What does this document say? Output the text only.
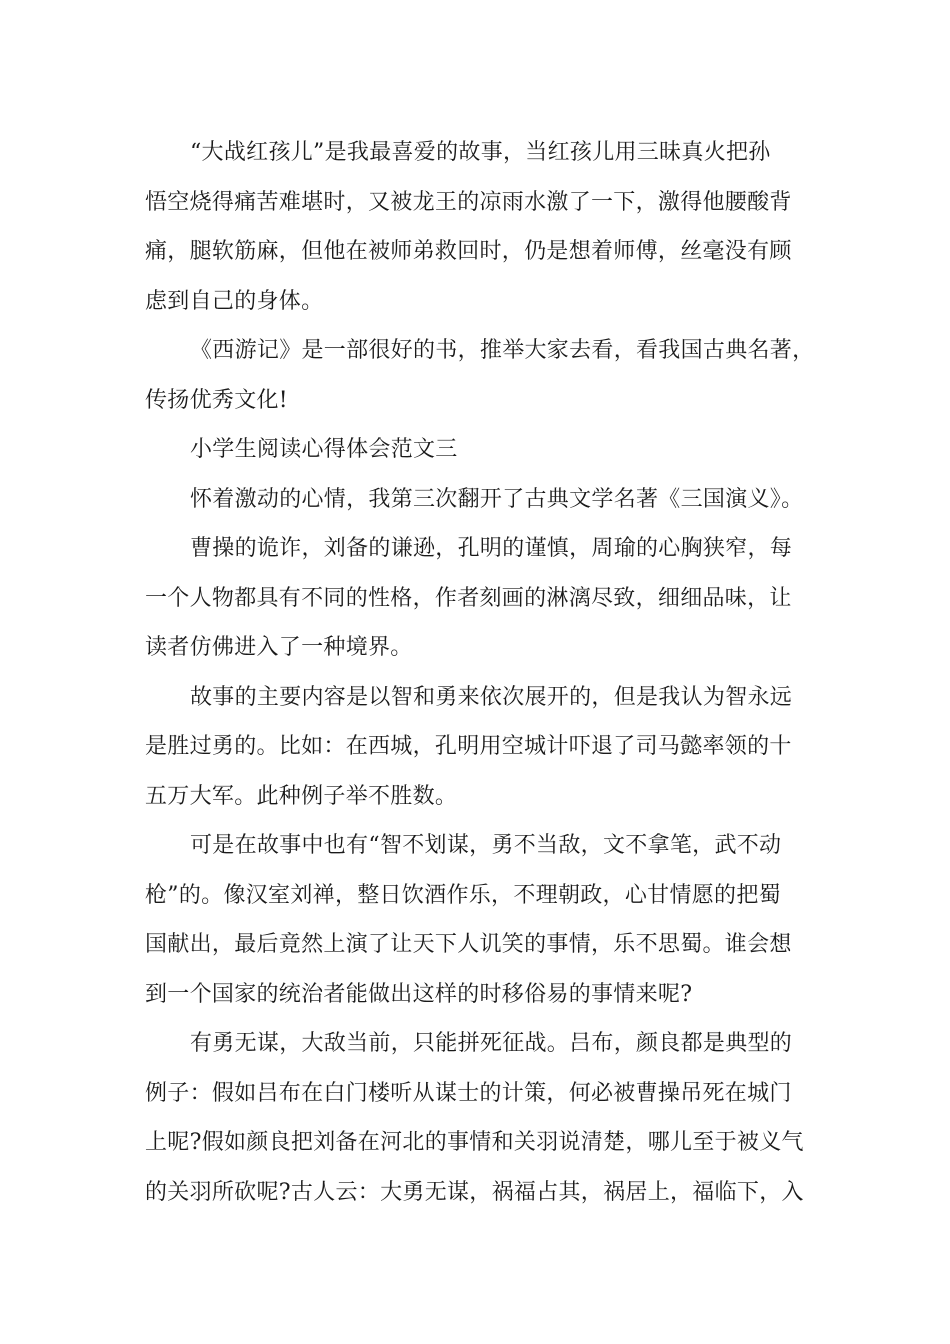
“大战红孩儿”是我最喜爱的故事，当红孩儿用三昧真火把孙
悟空烧得痛苦难堪时，又被龙王的凉雨水激了一下，激得他腰酸背
痛，腿软筋麻，但他在被师弟救回时，仍是想着师傅，丝毫没有顾
虑到自己的身体。
《西游记》是一部很好的书，推举大家去看，看我国古典名著，
传扬优秀文化!
小学生阅读心得体会范文三
怀着激动的心情，我第三次翻开了古典文学名著《三国演义》。
曹操的诡诈，刘备的谦逊，孔明的谨慎，周瑜的心胸狭窄，每
一个人物都具有不同的性格，作者刻画的淋漓尽致，细细品味，让
读者仿佛进入了一种境界。
故事的主要内容是以智和勇来依次展开的，但是我认为智永远
是胜过勇的。比如：在西城，孔明用空城计吓退了司马懿率领的十
五万大军。此种例子举不胜数。
可是在故事中也有“智不划谋，勇不当敌，文不拿笔，武不动
枪”的。像汉室刘禅，整日饮酒作乐，不理朝政，心甘情愿的把蜀
国献出，最后竟然上演了让天下人讥笑的事情，乐不思蜀。谁会想
到一个国家的统治者能做出这样的时移俗易的事情来呢?
有勇无谋，大敌当前，只能拼死征战。吕布，颜良都是典型的
例子：假如吕布在白门楼听从谋士的计策，何必被曹操吊死在城门
上呢?假如颜良把刘备在河北的事情和关羽说清楚，哪儿至于被义气
的关羽所砍呢?古人云：大勇无谋，祸福占其，祸居上，福临下，入
